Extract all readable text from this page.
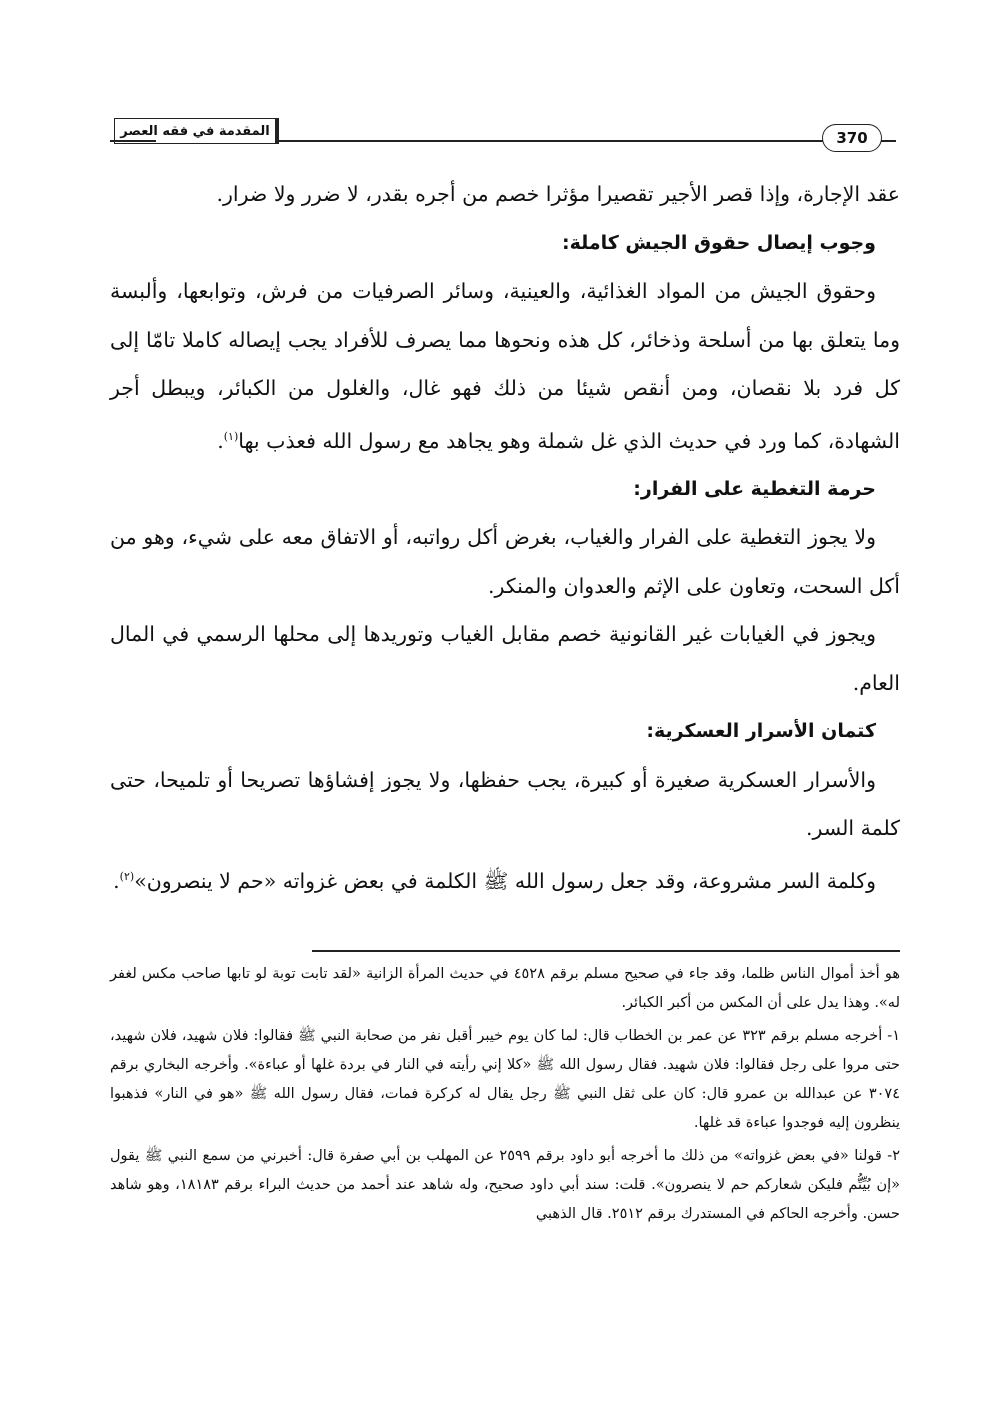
المقدمة في فقه العصر	370

عقد الإجارة، وإذا قصر الأجير تقصيرا مؤثرا خصم من أجره بقدر، لا ضرر ولا ضرار.

وجوب إيصال حقوق الجيش كاملة:

وحقوق الجيش من المواد الغذائية، والعينية، وسائر الصرفيات من فرش، وتوابعها، وألبسة وما يتعلق بها من أسلحة وذخائر، كل هذه ونحوها مما يصرف للأفراد يجب إيصاله كاملا تامّا إلى كل فرد بلا نقصان، ومن أنقص شيئا من ذلك فهو غال، والغلول من الكبائر، ويبطل أجر الشهادة، كما ورد في حديث الذي غل شملة وهو يجاهد مع رسول الله فعذب بها$^{(١)}$.

حرمة التغطية على الفرار:

ولا يجوز التغطية على الفرار والغياب، بغرض أكل رواتبه، أو الاتفاق معه على شيء، وهو من أكل السحت، وتعاون على الإثم والعدوان والمنكر.

ويجوز في الغيابات غير القانونية خصم مقابل الغياب وتوريدها إلى محلها الرسمي في المال العام.

كتمان الأسرار العسكرية:

والأسرار العسكرية صغيرة أو كبيرة، يجب حفظها، ولا يجوز إفشاؤها تصريحا أو تلميحا، حتى كلمة السر.

وكلمة السر مشروعة، وقد جعل رسول الله ﷺ الكلمة في بعض غزواته «حم لا ينصرون»$^{(٢)}$.

هو أخذ أموال الناس ظلما، وقد جاء في صحيح مسلم برقم ٤٥٢٨ في حديث المرأة الزانية «لقد تابت توبة لو تابها صاحب مكس لغفر له». وهذا يدل على أن المكس من أكبر الكبائر.

١- أخرجه مسلم برقم ٣٢٣ عن عمر بن الخطاب قال: لما كان يوم خيبر أقبل نفر من صحابة النبي ﷺ فقالوا: فلان شهيد، فلان شهيد، حتى مروا على رجل فقالوا: فلان شهيد. فقال رسول الله ﷺ «كلا إني رأيته في النار في بردة غلها أو عباءة». وأخرجه البخاري برقم ٣٠٧٤ عن عبدالله بن عمرو قال: كان على ثقل النبي ﷺ رجل يقال له كركرة فمات، فقال رسول الله ﷺ «هو في النار» فذهبوا ينظرون إليه فوجدوا عباءة قد غلها.

٢- قولنا «في بعض غزواته» من ذلك ما أخرجه أبو داود برقم ٢٥٩٩ عن المهلب بن أبي صفرة قال: أخبرني من سمع النبي ﷺ يقول «إن بُيِّتُّم فليكن شعاركم حم لا ينصرون». قلت: سند أبي داود صحيح، وله شاهد عند أحمد من حديث البراء برقم ١٨١٨٣، وهو شاهد حسن. وأخرجه الحاكم في المستدرك برقم ٢٥١٢. قال الذهبي
